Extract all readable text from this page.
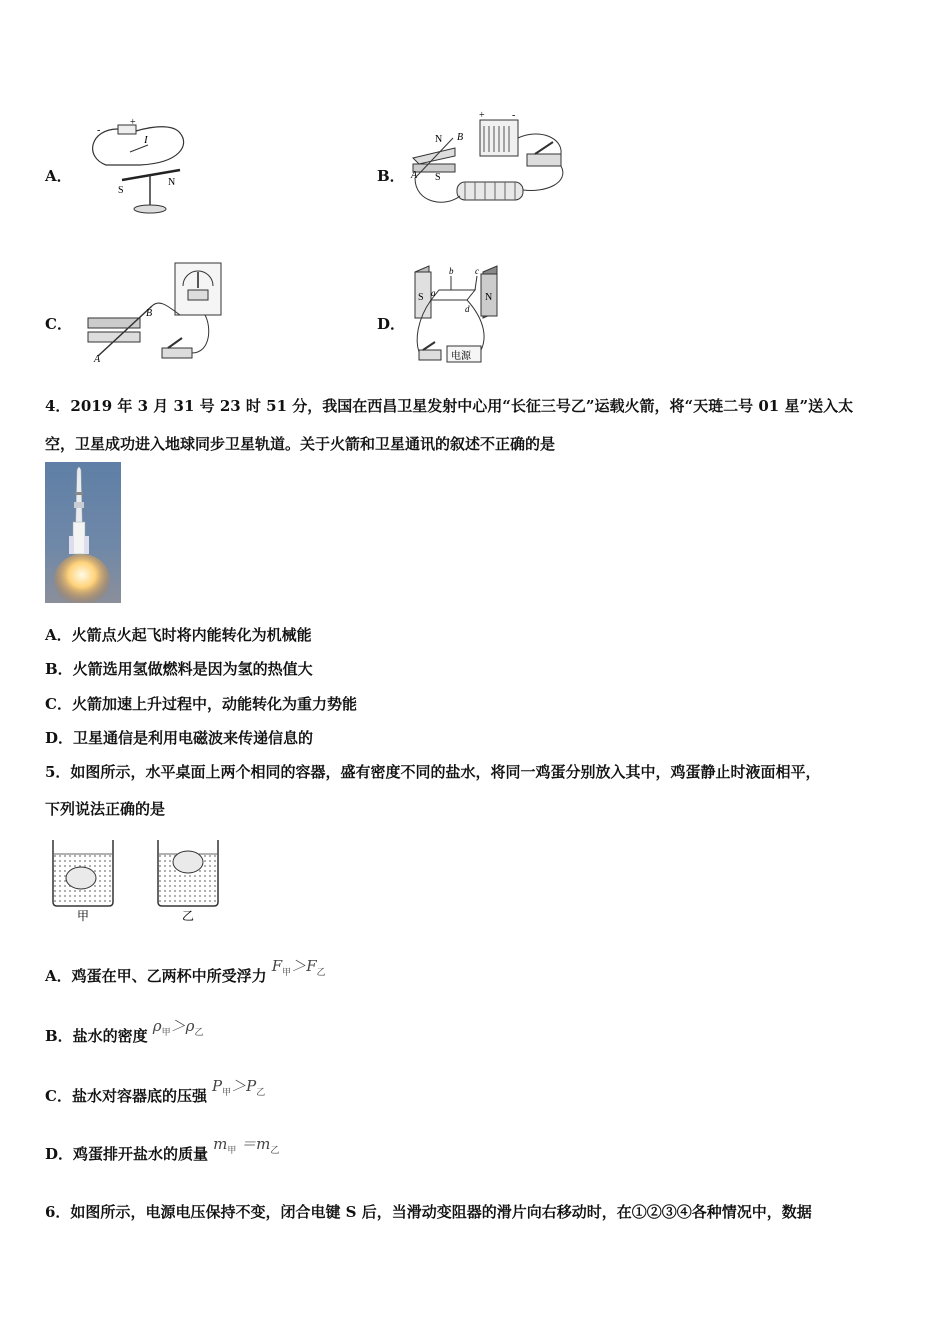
A．	B．
C．	D．
-
+
I
S
N
+	-
N
S
A
B
A
B
S	N
a
b c
d
电源
4．2019 年 3 月 31 号 23 时 51 分，我国在西昌卫星发射中心用“长征三号乙”运载火箭，将“天琏二号 01 星”送入太
空，卫星成功进入地球同步卫星轨道。关于火箭和卫星通讯的叙述不正确的是
A．火箭点火起飞时将内能转化为机械能
B．火箭选用氢做燃料是因为氢的热值大
C．火箭加速上升过程中，动能转化为重力势能
D．卫星通信是利用电磁波来传递信息的
5．如图所示，水平桌面上两个相同的容器，盛有密度不同的盐水，将同一鸡蛋分别放入其中，鸡蛋静止时液面相平，
下列说法正确的是
甲	乙
A．鸡蛋在甲、乙两杯中所受浮力 $F_甲>F_乙$
B．盐水的密度 $\rho_甲>\rho_乙$
C．盐水对容器底的压强 $P_甲>P_乙$
D．鸡蛋排开盐水的质量 $m_甲 =m_乙$
6．如图所示，电源电压保持不变，闭合电键 S 后，当滑动变阻器的滑片向右移动时，在①②③④各种情况中，数据
